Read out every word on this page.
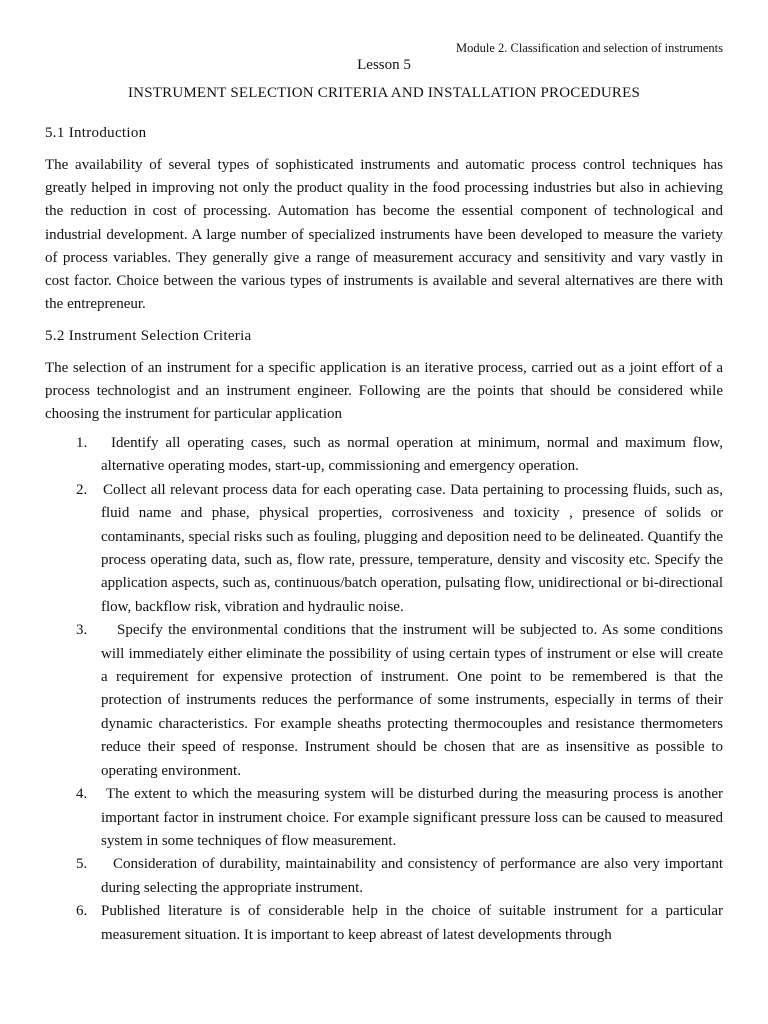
Module 2. Classification and selection of instruments
Lesson 5
INSTRUMENT SELECTION CRITERIA AND INSTALLATION PROCEDURES
5.1 Introduction

The availability of several types of sophisticated instruments and automatic process control techniques has greatly helped in improving not only the product quality in the food processing industries but also in achieving the reduction in cost of processing. Automation has become the essential component of technological and industrial development. A large number of specialized instruments have been developed to measure the variety of process variables. They generally give a range of measurement accuracy and sensitivity and vary vastly in cost factor. Choice between the various types of instruments is available and several alternatives are there with the entrepreneur.

5.2 Instrument Selection Criteria

The selection of an instrument for a specific application is an iterative process, carried out as a joint effort of a process technologist and an instrument engineer. Following are the points that should be considered while choosing the instrument for particular application

1.	Identify all operating cases, such as normal operation at minimum, normal and maximum flow, alternative operating modes, start-up, commissioning and emergency operation.
2. Collect all relevant process data for each operating case. Data pertaining to processing fluids, such as, fluid name and phase, physical properties, corrosiveness and toxicity , presence of solids or contaminants, special risks such as fouling, plugging and deposition need to be delineated. Quantify the process operating data, such as, flow rate, pressure, temperature, density and viscosity etc. Specify the application aspects, such as, continuous/batch operation, pulsating flow, unidirectional or bi-directional flow, backflow risk, vibration and hydraulic noise.
3.	Specify the environmental conditions that the instrument will be subjected to. As some conditions will immediately either eliminate the possibility of using certain types of instrument or else will create a requirement for expensive protection of instrument. One point to be remembered is that the protection of instruments reduces the performance of some instruments, especially in terms of their dynamic characteristics. For example sheaths protecting thermocouples and resistance thermometers reduce their speed of response. Instrument should be chosen that are as insensitive as possible to operating environment.
4.	The extent to which the measuring system will be disturbed during the measuring process is another important factor in instrument choice. For example significant pressure loss can be caused to measured system in some techniques of flow measurement.
5.	Consideration of durability, maintainability and consistency of performance are also very important during selecting the appropriate instrument.
6. Published literature is of considerable help in the choice of suitable instrument for a particular measurement situation. It is important to keep abreast of latest developments through
